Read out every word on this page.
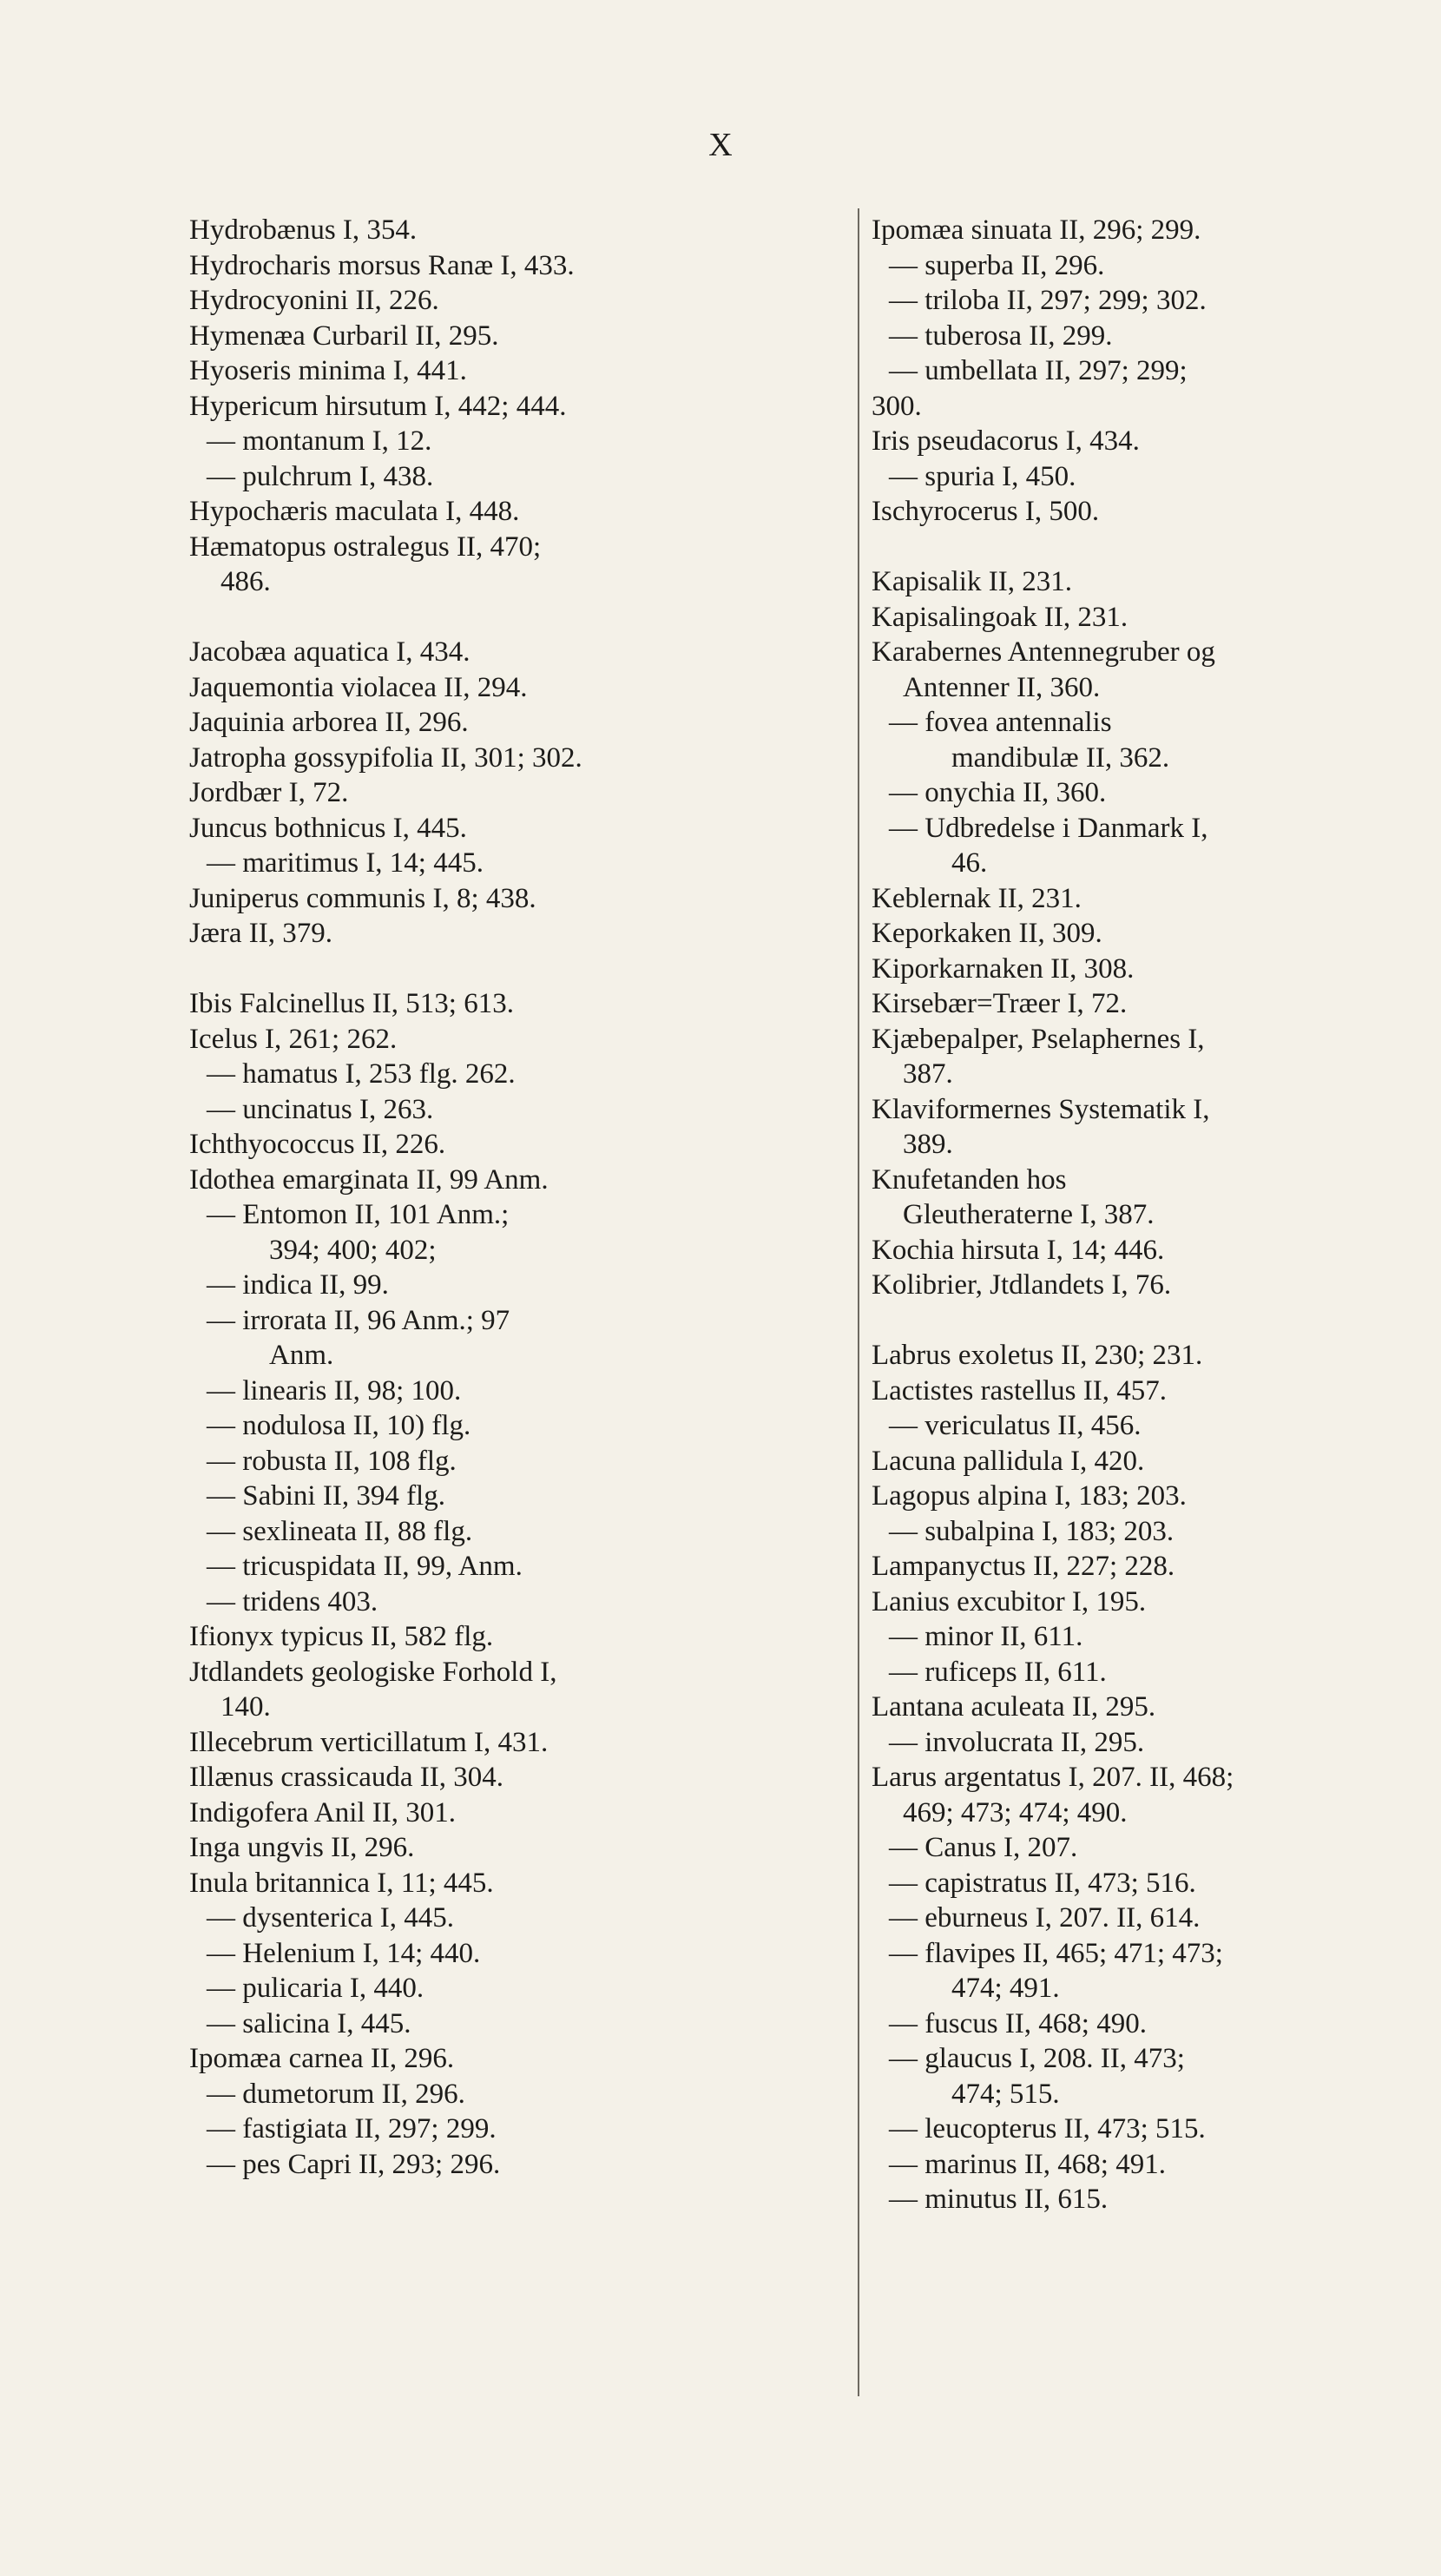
X
Hydrobænus I, 354.
Hydrocharis morsus Ranæ I, 433.
Hydrocyonini II, 226.
Hymenæa Curbaril II, 295.
Hyoseris minima I, 441.
Hypericum hirsutum I, 442; 444.
— montanum I, 12.
— pulchrum I, 438.
Hypochæris maculata I, 448.
Hæmatopus ostralegus II, 470;
486.
Jacobæa aquatica I, 434.
Jaquemontia violacea II, 294.
Jaquinia arborea II, 296.
Jatropha gossypifolia II, 301; 302.
Jordbær I, 72.
Juncus bothnicus I, 445.
— maritimus I, 14; 445.
Juniperus communis I, 8; 438.
Jæra II, 379.
Ibis Falcinellus II, 513; 613.
Icelus I, 261; 262.
— hamatus I, 253 flg. 262.
— uncinatus I, 263.
Ichthyococcus II, 226.
Idothea emarginata II, 99 Anm.
— Entomon II, 101 Anm.;
394; 400; 402;
— indica II, 99.
— irrorata II, 96 Anm.; 97
Anm.
— linearis II, 98; 100.
— nodulosa II, 10) flg.
— robusta II, 108 flg.
— Sabini II, 394 flg.
— sexlineata II, 88 flg.
— tricuspidata II, 99, Anm.
— tridens 403.
Ifionyx typicus II, 582 flg.
Jtdlandets geologiske Forhold I,
140.
Illecebrum verticillatum I, 431.
Illænus crassicauda II, 304.
Indigofera Anil II, 301.
Inga ungvis II, 296.
Inula britannica I, 11; 445.
— dysenterica I, 445.
— Helenium I, 14; 440.
— pulicaria I, 440.
— salicina I, 445.
Ipomæa carnea II, 296.
— dumetorum II, 296.
— fastigiata II, 297; 299.
— pes Capri II, 293; 296.
Ipomæa sinuata II, 296; 299.
— superba II, 296.
— triloba II, 297; 299; 302.
— tuberosa II, 299.
— umbellata II, 297; 299;
300.
Iris pseudacorus I, 434.
— spuria I, 450.
Ischyrocerus I, 500.
Kapisalik II, 231.
Kapisalingoak II, 231.
Karabernes Antennegruber og Antenner II, 360.
— fovea antennalis mandibulæ II, 362.
— onychia II, 360.
— Udbredelse i Danmark I, 46.
Keblernak II, 231.
Keporkaken II, 309.
Kiporkarnaken II, 308.
Kirsebær=Træer I, 72.
Kjæbepalper, Pselaphernes I, 387.
Klaviformernes Systematik I, 389.
Knufetanden hos Gleutheraterne I, 387.
Kochia hirsuta I, 14; 446.
Kolibrier, Jtdlandets I, 76.
Labrus exoletus II, 230; 231.
Lactistes rastellus II, 457.
— vericulatus II, 456.
Lacuna pallidula I, 420.
Lagopus alpina I, 183; 203.
— subalpina I, 183; 203.
Lampanyctus II, 227; 228.
Lanius excubitor I, 195.
— minor II, 611.
— ruficeps II, 611.
Lantana aculeata II, 295.
— involucrata II, 295.
Larus argentatus I, 207. II, 468;
469; 473; 474; 490.
— Canus I, 207.
— capistratus II, 473; 516.
— eburneus I, 207. II, 614.
— flavipes II, 465; 471; 473;
474; 491.
— fuscus II, 468; 490.
— glaucus I, 208. II, 473;
474; 515.
— leucopterus II, 473; 515.
— marinus II, 468; 491.
— minutus II, 615.
